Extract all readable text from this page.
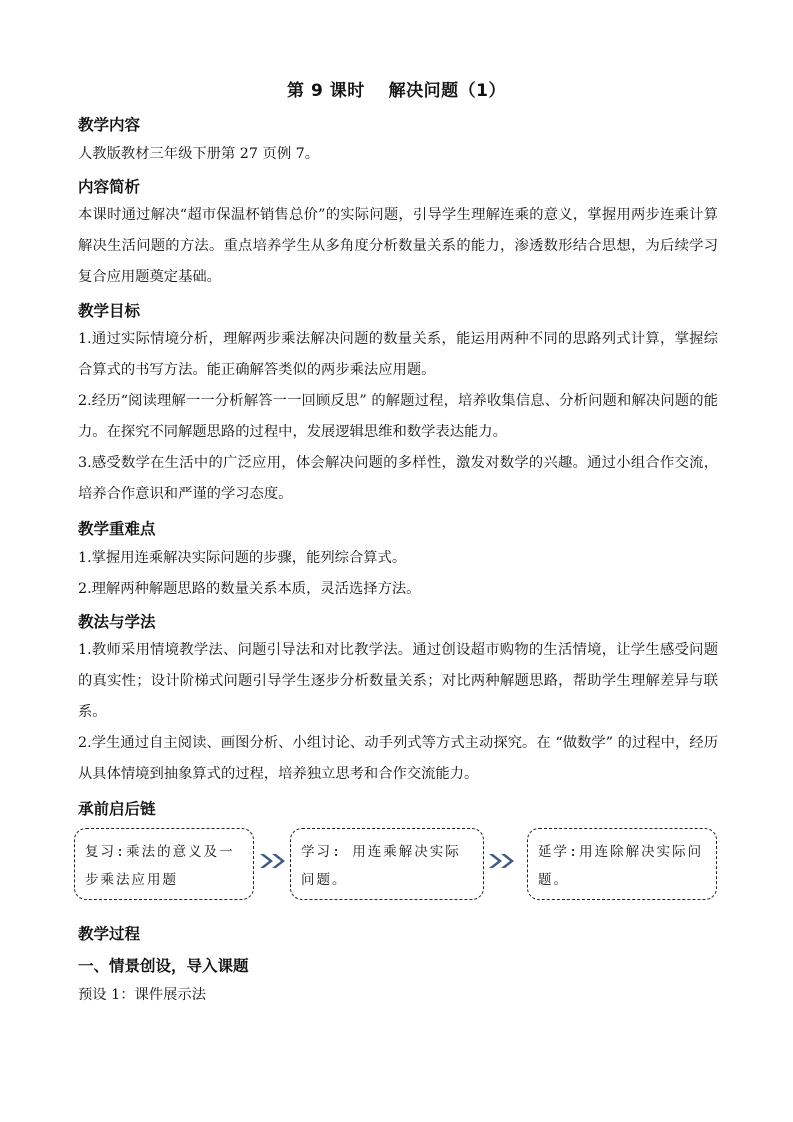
第 9 课时　 解决问题（1）
教学内容
人教版教材三年级下册第 27 页例 7。
内容简析
本课时通过解决“超市保温杯销售总价”的实际问题，引导学生理解连乘的意义，掌握用两步连乘计算解决生活问题的方法。重点培养学生从多角度分析数量关系的能力，渗透数形结合思想，为后续学习复合应用题奠定基础。
教学目标
1.通过实际情境分析，理解两步乘法解决问题的数量关系，能运用两种不同的思路列式计算，掌握综合算式的书写方法。能正确解答类似的两步乘法应用题。
2.经历“阅读理解一一分析解答一一回顾反思” 的解题过程，培养收集信息、分析问题和解决问题的能力。在探究不同解题思路的过程中，发展逻辑思维和数学表达能力。
3.感受数学在生活中的广泛应用，体会解决问题的多样性，激发对数学的兴趣。通过小组合作交流，培养合作意识和严谨的学习态度。
教学重难点
1.掌握用连乘解决实际问题的步骤，能列综合算式。
2.理解两种解题思路的数量关系本质，灵活选择方法。
教法与学法
1.教师采用情境教学法、问题引导法和对比教学法。通过创设超市购物的生活情境，让学生感受问题的真实性；设计阶梯式问题引导学生逐步分析数量关系；对比两种解题思路，帮助学生理解差异与联系。
2.学生通过自主阅读、画图分析、小组讨论、动手列式等方式主动探究。在 “做数学” 的过程中，经历从具体情境到抽象算式的过程，培养独立思考和合作交流能力。
承前启后链
复习:乘法的意义及一步乘法应用题
学习: 用连乘解决实际问题。
延学:用连除解决实际问题。
教学过程
一、情景创设，导入课题
预设 1：课件展示法
